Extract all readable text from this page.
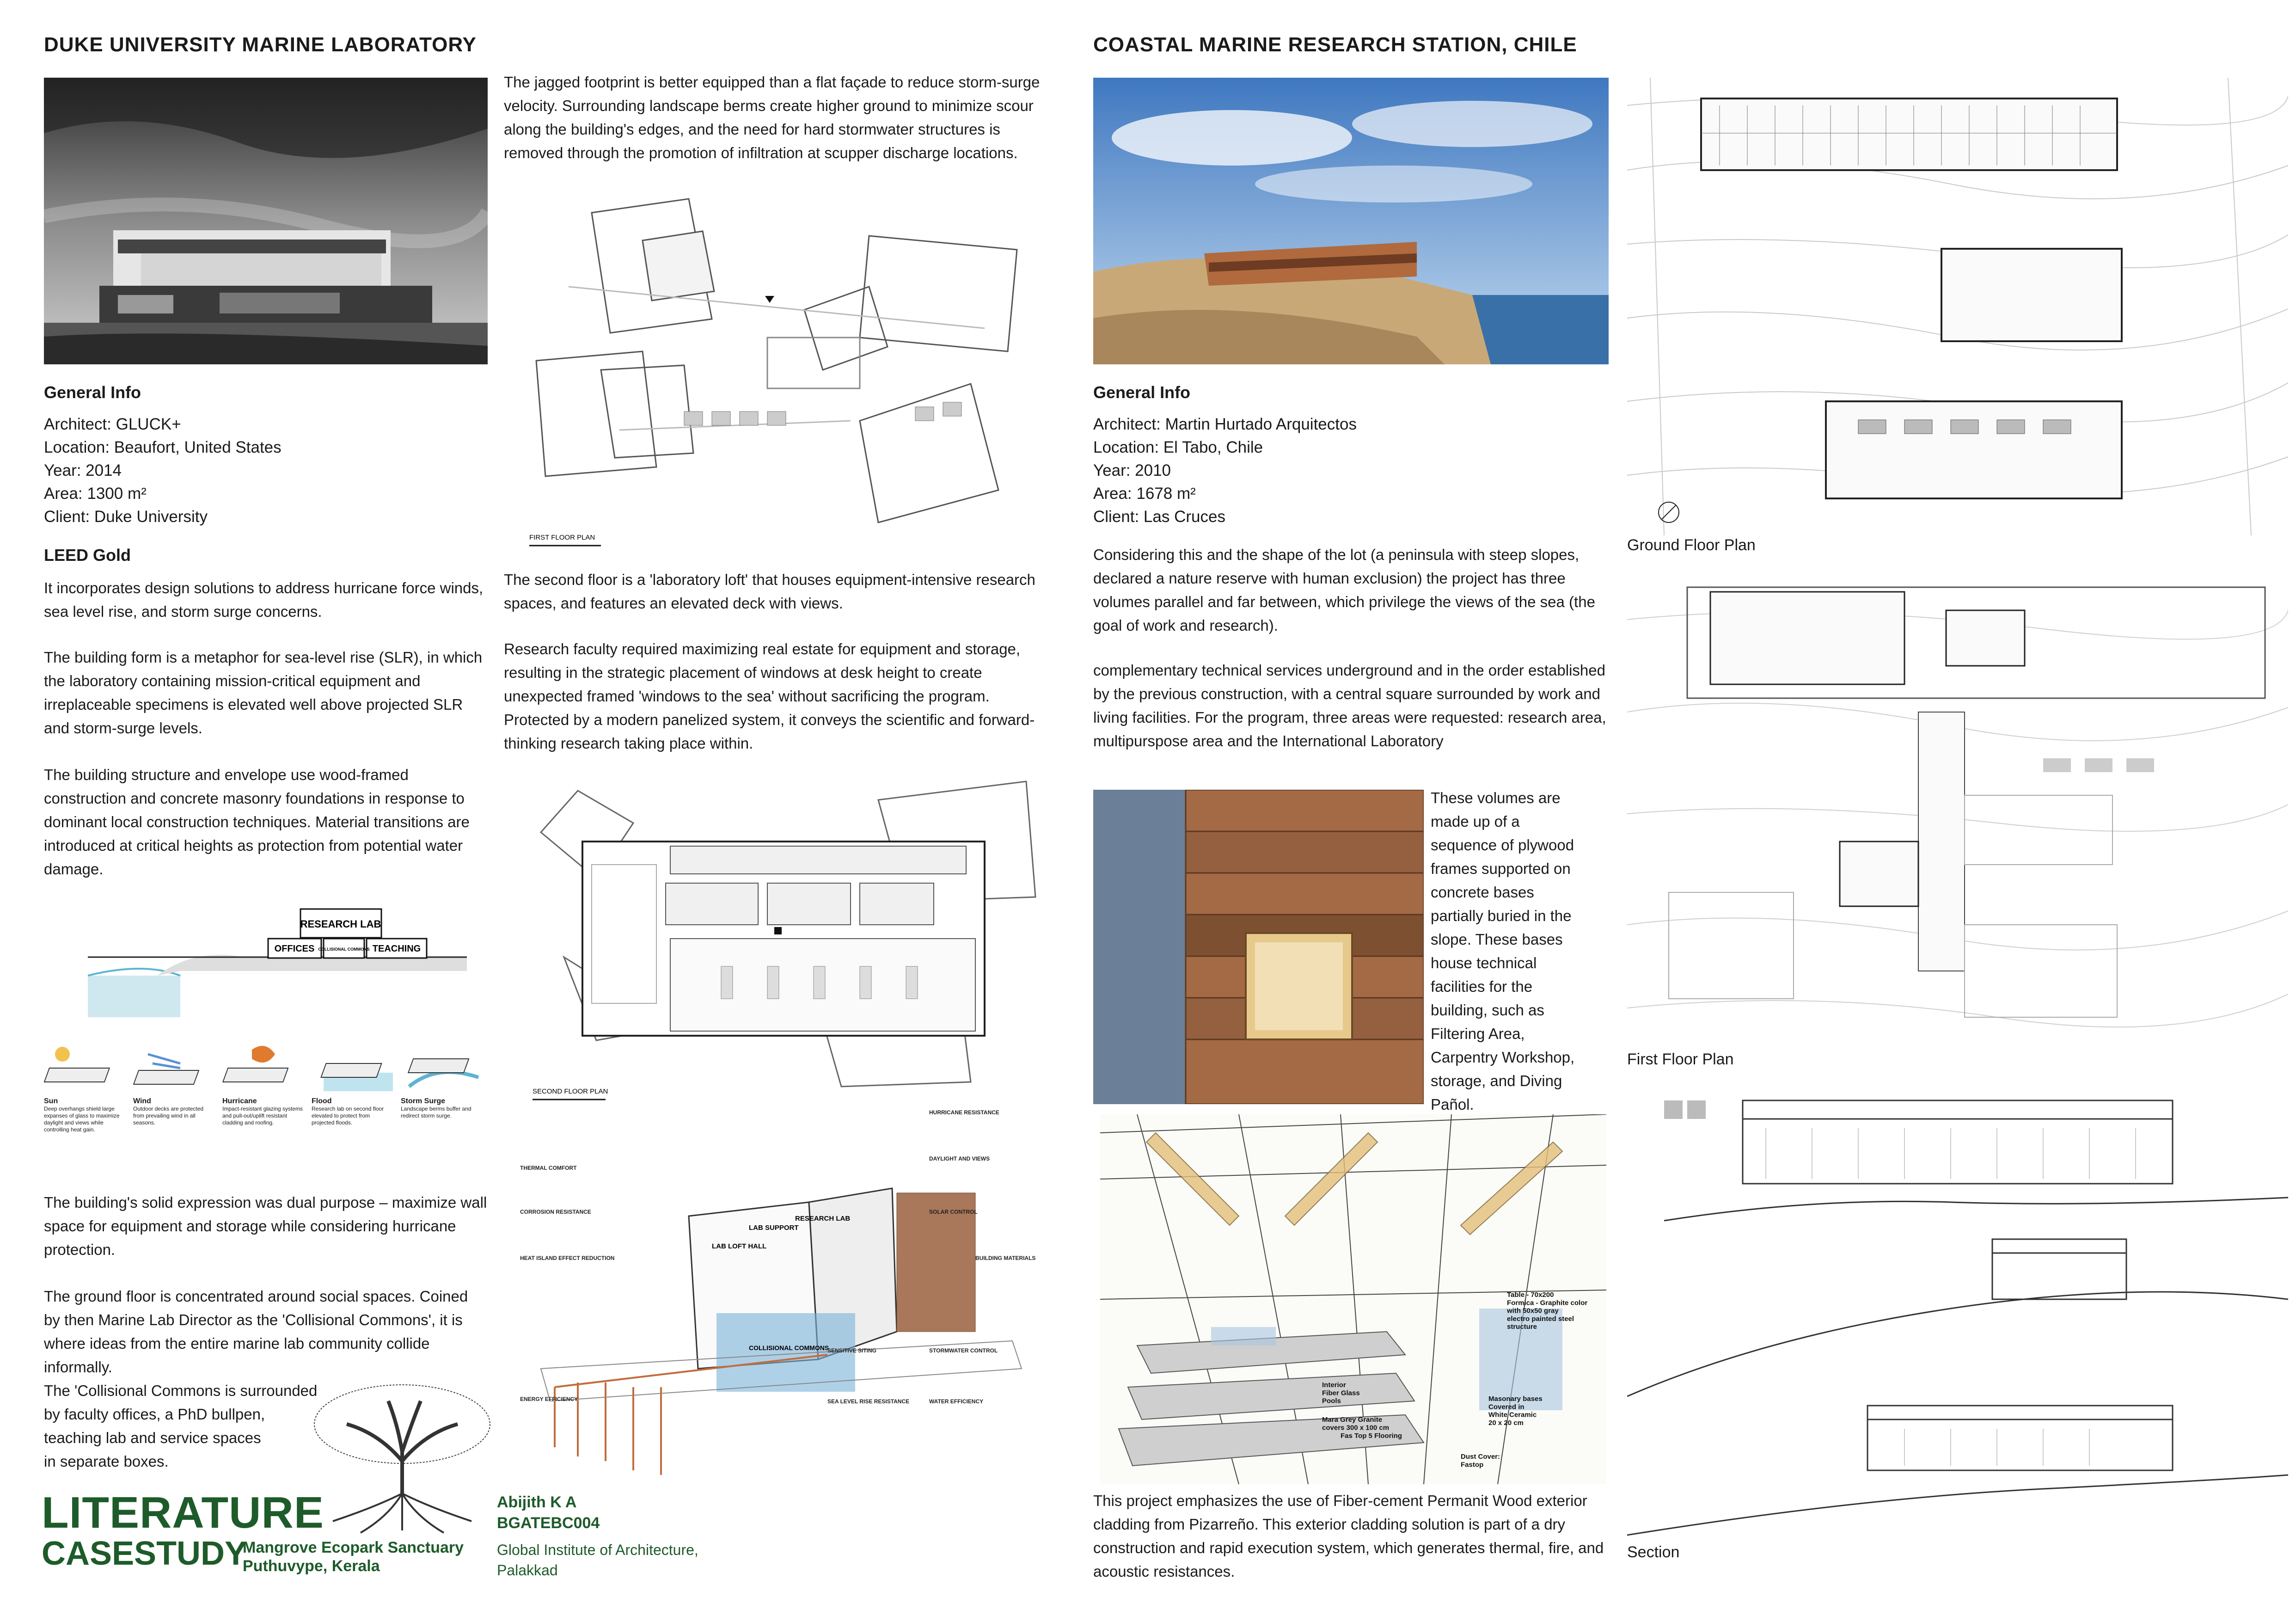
DUKE UNIVERSITY MARINE LABORATORY
General Info
Architect: GLUCK+
Location: Beaufort, United States
Year: 2014
Area: 1300 m²
Client: Duke University
LEED Gold
It incorporates design solutions to address hurricane force winds, sea level rise, and storm surge concerns.
The building form is a metaphor for sea-level rise (SLR), in which the laboratory containing mission-critical equipment and irreplaceable specimens is elevated well above projected SLR and storm-surge levels.
The building structure and envelope use wood-framed construction and concrete masonry foundations in response to dominant local construction techniques. Material transitions are introduced at critical heights as protection from potential water damage.
RESEARCH LAB
OFFICES COLLISIONAL COMMONS TEACHING
Sun
Deep overhangs shield large expanses of glass to maximize daylight and views while controlling heat gain.
Wind
Outdoor decks are protected from prevailing wind in all seasons.
Hurricane
Impact-resistant glazing systems and pull-out/uplift resistant cladding and roofing.
Flood
Research lab on second floor elevated to protect from projected floods.
Storm Surge
Landscape berms buffer and redirect storm surge.
The building's solid expression was dual purpose – maximize wall space for equipment and storage while considering hurricane protection.
The ground floor is concentrated around social spaces. Coined by then Marine Lab Director as the 'Collisional Commons', it is where ideas from the entire marine lab community collide informally.
The 'Collisional Commons is surrounded
by faculty offices, a PhD bullpen,
teaching lab and service spaces
in separate boxes.
LITERATURE
CASESTUDY
Mangrove Ecopark Sanctuary
Puthuvype, Kerala
Abijith K A
BGATEBC004
Global Institute of Architecture,
Palakkad
The jagged footprint is better equipped than a flat façade to reduce storm-surge velocity. Surrounding landscape berms create higher ground to minimize scour along the building's edges, and the need for hard stormwater structures is removed through the promotion of infiltration at scupper discharge locations.
FIRST FLOOR PLAN
The second floor is a 'laboratory loft' that houses equipment-intensive research spaces, and features an elevated deck with views.
Research faculty required maximizing real estate for equipment and storage, resulting in the strategic placement of windows at desk height to create unexpected framed 'windows to the sea' without sacrificing the program. Protected by a modern panelized system, it conveys the scientific and forward-thinking research taking place within.
SECOND FLOOR PLAN
LAB LOFT HALL
LAB SUPPORT
RESEARCH LAB
COLLISIONAL COMMONS
THERMAL COMFORT
CORROSION RESISTANCE
HEAT ISLAND EFFECT REDUCTION
ENERGY EFFICIENCY
HURRICANE RESISTANCE
DAYLIGHT AND VIEWS
SOLAR CONTROL
BUILDING MATERIALS
SENSITIVE SITING	STORMWATER CONTROL
SEA LEVEL RISE RESISTANCE	WATER EFFICIENCY
COASTAL MARINE RESEARCH STATION, CHILE
General Info
Architect: Martin Hurtado Arquitectos
Location: El Tabo, Chile
Year: 2010
Area: 1678 m²
Client: Las Cruces
Considering this and the shape of the lot (a peninsula with steep slopes, declared a nature reserve with human exclusion) the project has three volumes parallel and far between, which privilege the views of the sea (the goal of work and research).
complementary technical services underground and in the order established by the previous construction, with a central square surrounded by work and living facilities. For the program, three areas were requested: research area, multipurspose area and the International Laboratory
These volumes are
made up of a
sequence of plywood
frames supported on
concrete bases
partially buried in the
slope. These bases
house technical
facilities for the
building, such as
Filtering Area,
Carpentry Workshop,
storage, and Diving
Pañol.
Table - 70x200 Formica - Graphite color with 50x50 gray electro painted steel structure
Interior Fiber Glass Pools
Mara Grey Granite covers 300 x 100 cm
Fas Top 5 Flooring
Masonary bases Covered in White Ceramic 20 x 20 cm
Dust Cover: Fastop
This project emphasizes the use of Fiber-cement Permanit Wood exterior cladding from Pizarreño. This exterior cladding solution is part of a dry construction and rapid execution system, which generates thermal, fire, and acoustic resistances.
Ground Floor Plan
First Floor Plan
Section
